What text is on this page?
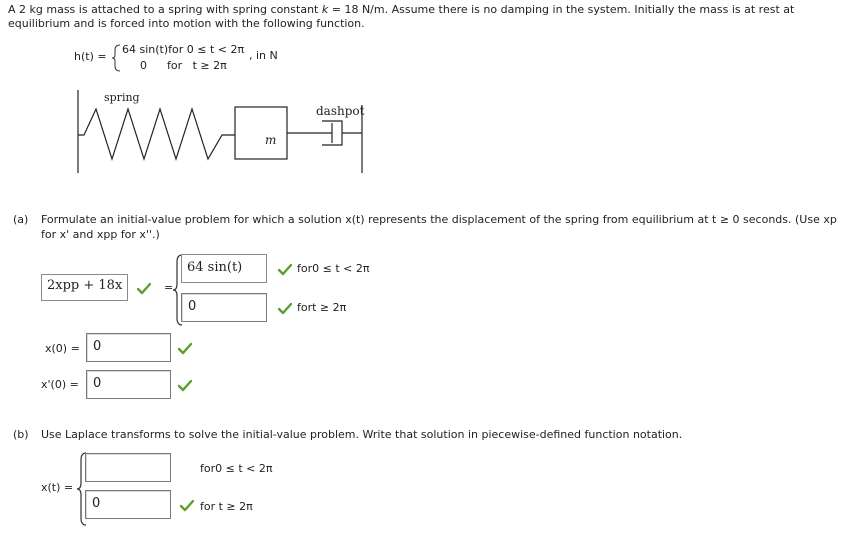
A 2 kg mass is attached to a spring with spring constant k = 18 N/m. Assume there is no damping in the system. Initially the mass is at rest at
equilibrium and is forced into motion with the following function.
h(t) =
64 sin(t)for 0 ≤ t < 2π , in N
0 for t ≥ 2π
spring
dashpot
m
(a) Formulate an initial-value problem for which a solution x(t) represents the displacement of the spring from equilibrium at t ≥ 0 seconds. (Use xp
for x' and xpp for x''.)
2xpp + 18x	=
64 sin(t)	for0 ≤ t < 2π
0	fort ≥ 2π
x(0) =	0
x'(0) =	0
(b) Use Laplace transforms to solve the initial-value problem. Write that solution in piecewise-defined function notation.
x(t) =
for0 ≤ t < 2π
0	for t ≥ 2π
